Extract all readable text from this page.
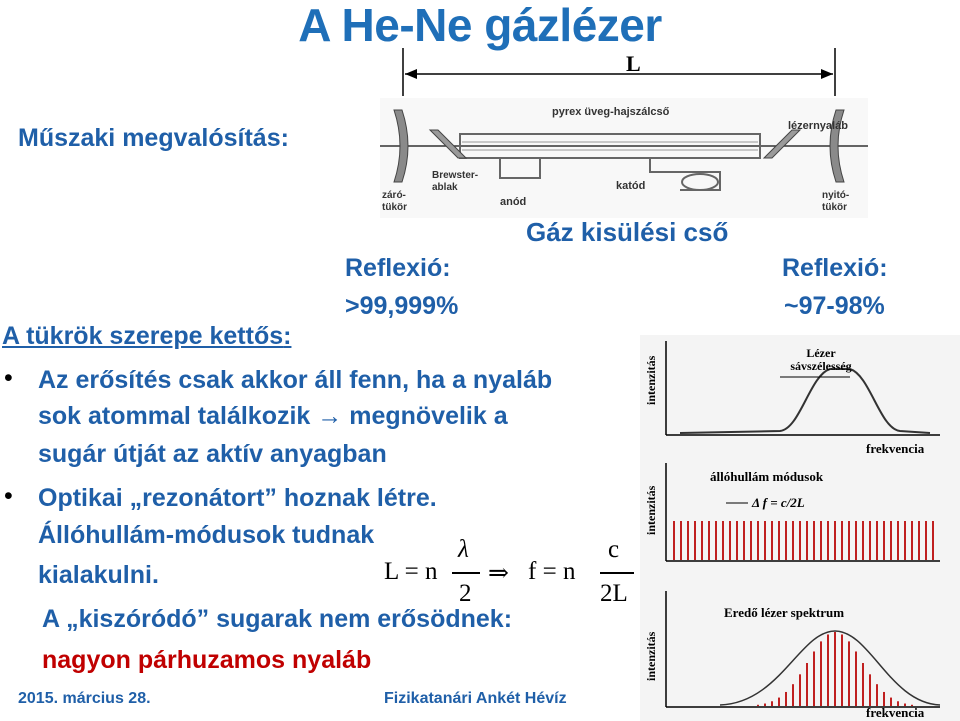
A He-Ne gázlézer
Műszaki megvalósítás:
L
pyrex üveg-hajszálcső
lézernyaláb
Brewster-
ablak
anód
katód
záró-
tükör
nyitó-
tükör
Gáz kisülési cső
Reflexió:
>99,999%
Reflexió:
~97-98%
A tükrök szerepe kettős:
• Az erősítés csak akkor áll fenn, ha a nyaláb
sok atommal találkozik → megnövelik a
sugár útját az aktív anyagban
• Optikai „rezonátort” hoznak létre.
Állóhullám-módusok tudnak
kialakulni.	L = n
λ
2
⇒ f = n
c
2L
intenzitás
Lézer
sávszélesség
frekvencia
intenzitás
állóhullám módusok
Δ f = c/2L
intenzitás
Eredő lézer spektrum
frekvencia
A „kiszóródó” sugarak nem erősödnek:
nagyon párhuzamos nyaláb
2015. március 28.	Fizikatanári Ankét Hévíz
